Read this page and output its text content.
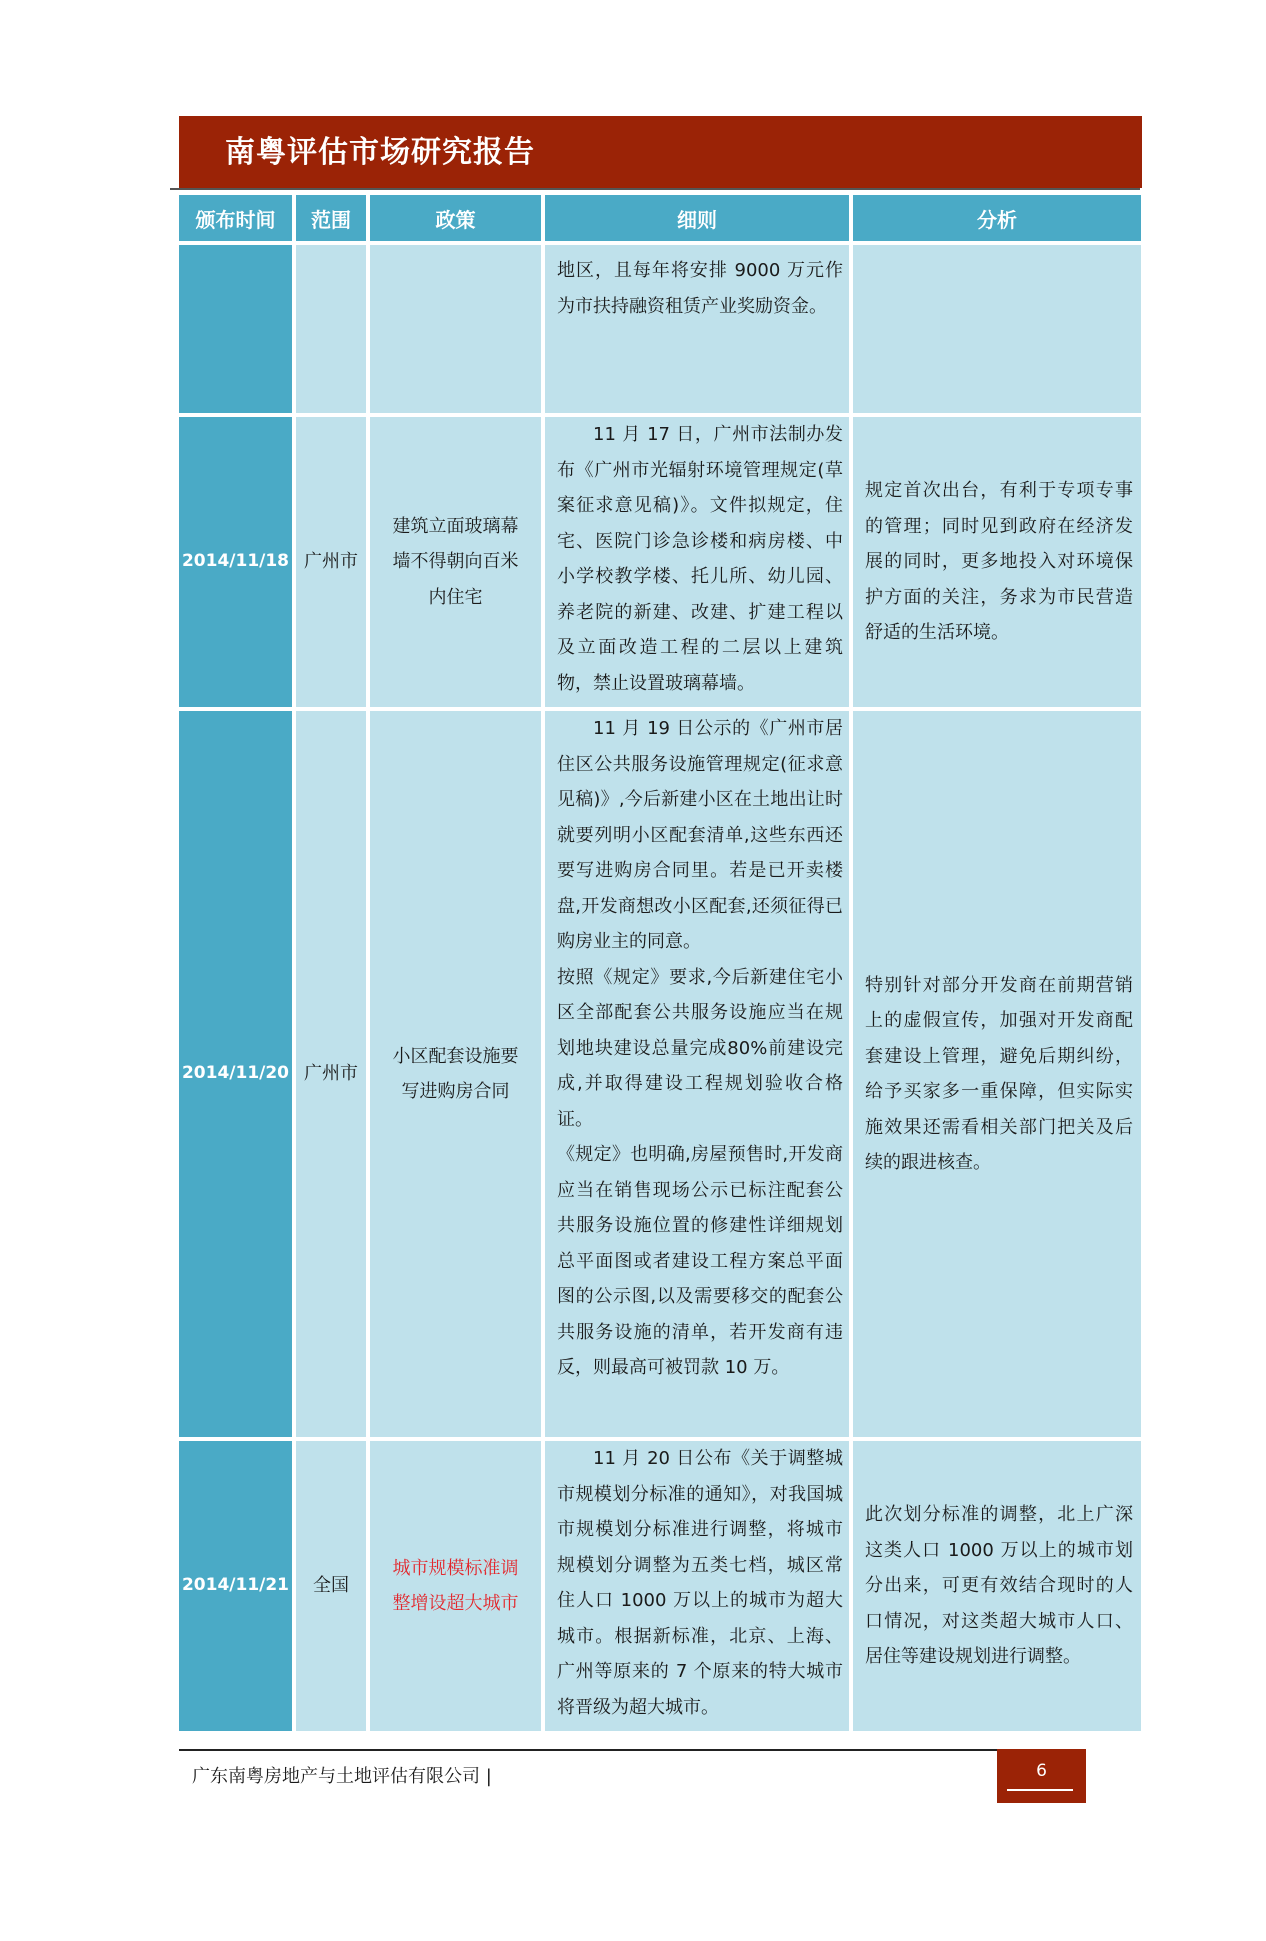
南粤评估市场研究报告
颁布时间	范围	政策	细则	分析

			地区，且每年将安排 9000 万元作为市扶持融资租赁产业奖励资金。	

2014/11/18	广州市	建筑立面玻璃幕墙不得朝向百米内住宅	11 月 17 日，广州市法制办发布《广州市光辐射环境管理规定(草案征求意见稿)》。文件拟规定，住宅、医院门诊急诊楼和病房楼、中小学校教学楼、托儿所、幼儿园、养老院的新建、改建、扩建工程以及立面改造工程的二层以上建筑物，禁止设置玻璃幕墙。	规定首次出台，有利于专项专事的管理；同时见到政府在经济发展的同时，更多地投入对环境保护方面的关注，务求为市民营造舒适的生活环境。
2014/11/20	广州市	小区配套设施要写进购房合同	11 月 19 日公示的《广州市居住区公共服务设施管理规定(征求意见稿)》,今后新建小区在土地出让时就要列明小区配套清单,这些东西还要写进购房合同里。若是已开卖楼盘,开发商想改小区配套,还须征得已购房业主的同意。
按照《规定》要求,今后新建住宅小区全部配套公共服务设施应当在规划地块建设总量完成80%前建设完成,并取得建设工程规划验收合格证。
《规定》也明确,房屋预售时,开发商应当在销售现场公示已标注配套公共服务设施位置的修建性详细规划总平面图或者建设工程方案总平面图的公示图,以及需要移交的配套公共服务设施的清单，若开发商有违反，则最高可被罚款 10 万。	特别针对部分开发商在前期营销上的虚假宣传，加强对开发商配套建设上管理，避免后期纠纷，给予买家多一重保障，但实际实施效果还需看相关部门把关及后续的跟进核查。
2014/11/21	全国	城市规模标准调整增设超大城市	11 月 20 日公布《关于调整城市规模划分标准的通知》，对我国城市规模划分标准进行调整，将城市规模划分调整为五类七档，城区常住人口 1000 万以上的城市为超大城市。根据新标准，北京、上海、广州等原来的 7 个原来的特大城市将晋级为超大城市。	此次划分标准的调整，北上广深这类人口 1000 万以上的城市划分出来，可更有效结合现时的人口情况，对这类超大城市人口、居住等建设规划进行调整。
广东南粤房地产与土地评估有限公司 |	6
